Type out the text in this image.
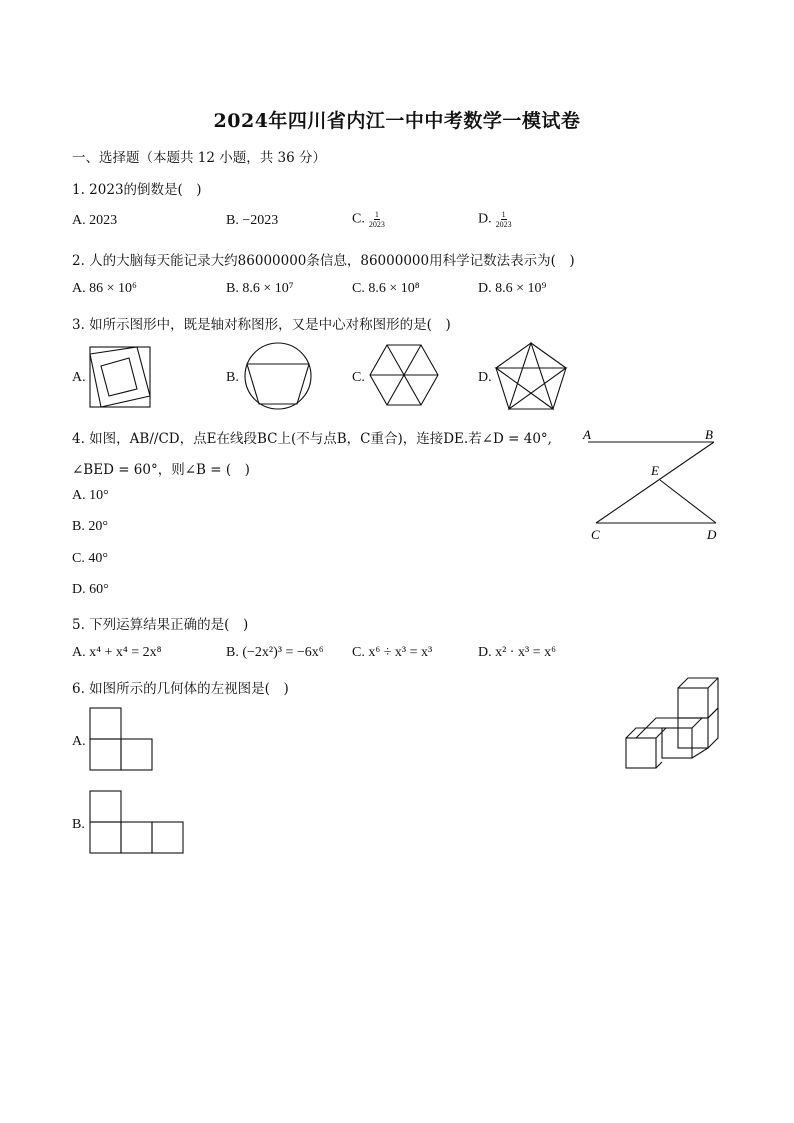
2024年四川省内江一中中考数学一模试卷
一、选择题（本题共 12 小题，共 36 分）
1. 2023的倒数是(　)
A. 2023	B. −2023	C. $\frac{1}{2023}$	D. $\frac{1}{2023}$
2. 人的大脑每天能记录大约86000000条信息，86000000用科学记数法表示为(　)
A. 86 × 10⁶	B. 8.6 × 10⁷	C. 8.6 × 10⁸	D. 8.6 × 10⁹
3. 如所示图形中，既是轴对称图形，又是中心对称图形的是(　)
A.	B.	C.	D.
4. 如图，AB//CD，点E在线段BC上(不与点B，C重合)，连接DE.若∠D = 40°,
∠BED = 60°，则∠B = (　)
A. 10°
B. 20°
C. 40°
D. 60°
A	B
E
C	D
5. 下列运算结果正确的是(　)
A. x⁴ + x⁴ = 2x⁸	B. (−2x²)³ = −6x⁶ C. x⁶ ÷ x³ = x³	D. x² · x³ = x⁶
6. 如图所示的几何体的左视图是(　)
A.
B.
